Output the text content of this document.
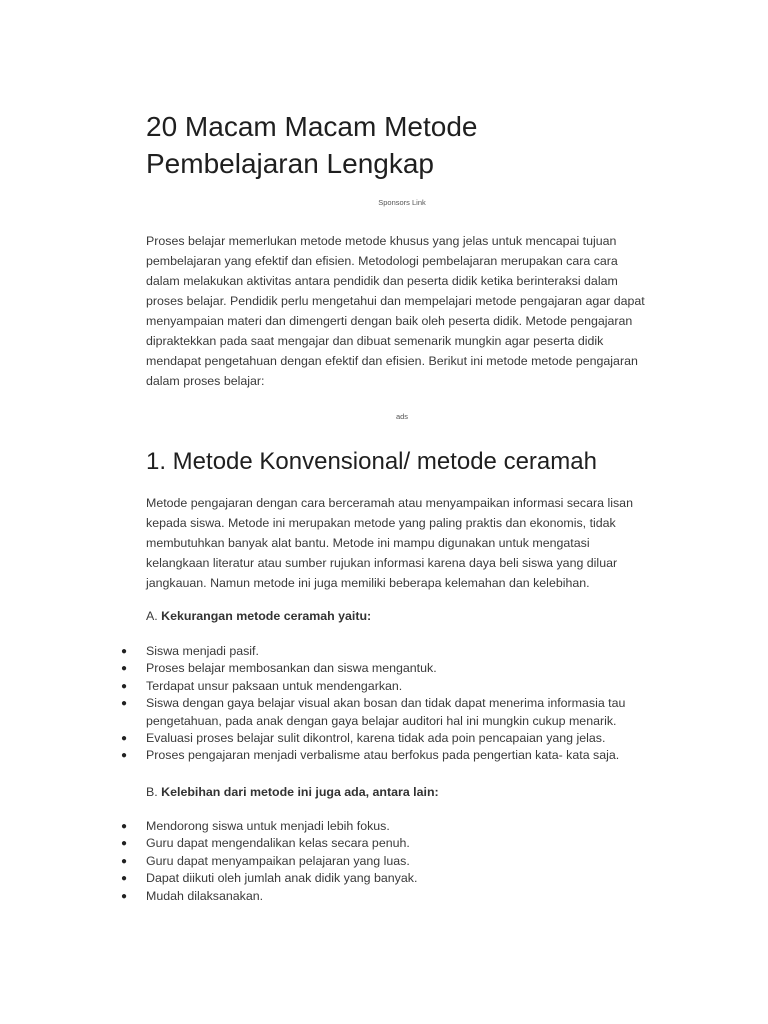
20 Macam Macam Metode Pembelajaran Lengkap
Sponsors Link

Proses belajar memerlukan metode metode khusus yang jelas untuk mencapai tujuan pembelajaran yang efektif dan efisien. Metodologi pembelajaran merupakan cara cara dalam melakukan aktivitas antara pendidik dan peserta didik ketika berinteraksi dalam proses belajar. Pendidik perlu mengetahui dan mempelajari metode pengajaran agar dapat menyampaian materi dan dimengerti dengan baik oleh peserta didik. Metode pengajaran dipraktekkan pada saat mengajar dan dibuat semenarik mungkin agar peserta didik mendapat pengetahuan dengan efektif dan efisien. Berikut ini metode metode pengajaran dalam proses belajar:

ads
1. Metode Konvensional/ metode ceramah

Metode pengajaran dengan cara berceramah atau menyampaikan informasi secara lisan kepada siswa. Metode ini merupakan metode yang paling praktis dan ekonomis, tidak membutuhkan banyak alat bantu. Metode ini mampu digunakan untuk mengatasi kelangkaan literatur atau sumber rujukan informasi karena daya beli siswa yang diluar jangkauan. Namun metode ini juga memiliki beberapa kelemahan dan kelebihan.

A. Kekurangan metode ceramah yaitu:
● Siswa menjadi pasif.
● Proses belajar membosankan dan siswa mengantuk.
● Terdapat unsur paksaan untuk mendengarkan.
● Siswa dengan gaya belajar visual akan bosan dan tidak dapat menerima informasia tau pengetahuan, pada anak dengan gaya belajar auditori hal ini mungkin cukup menarik.
● Evaluasi proses belajar sulit dikontrol, karena tidak ada poin pencapaian yang jelas.
● Proses pengajaran menjadi verbalisme atau berfokus pada pengertian kata- kata saja.
B. Kelebihan dari metode ini juga ada, antara lain:
● Mendorong siswa untuk menjadi lebih fokus.
● Guru dapat mengendalikan kelas secara penuh.
● Guru dapat menyampaikan pelajaran yang luas.
● Dapat diikuti oleh jumlah anak didik yang banyak.
● Mudah dilaksanakan.
